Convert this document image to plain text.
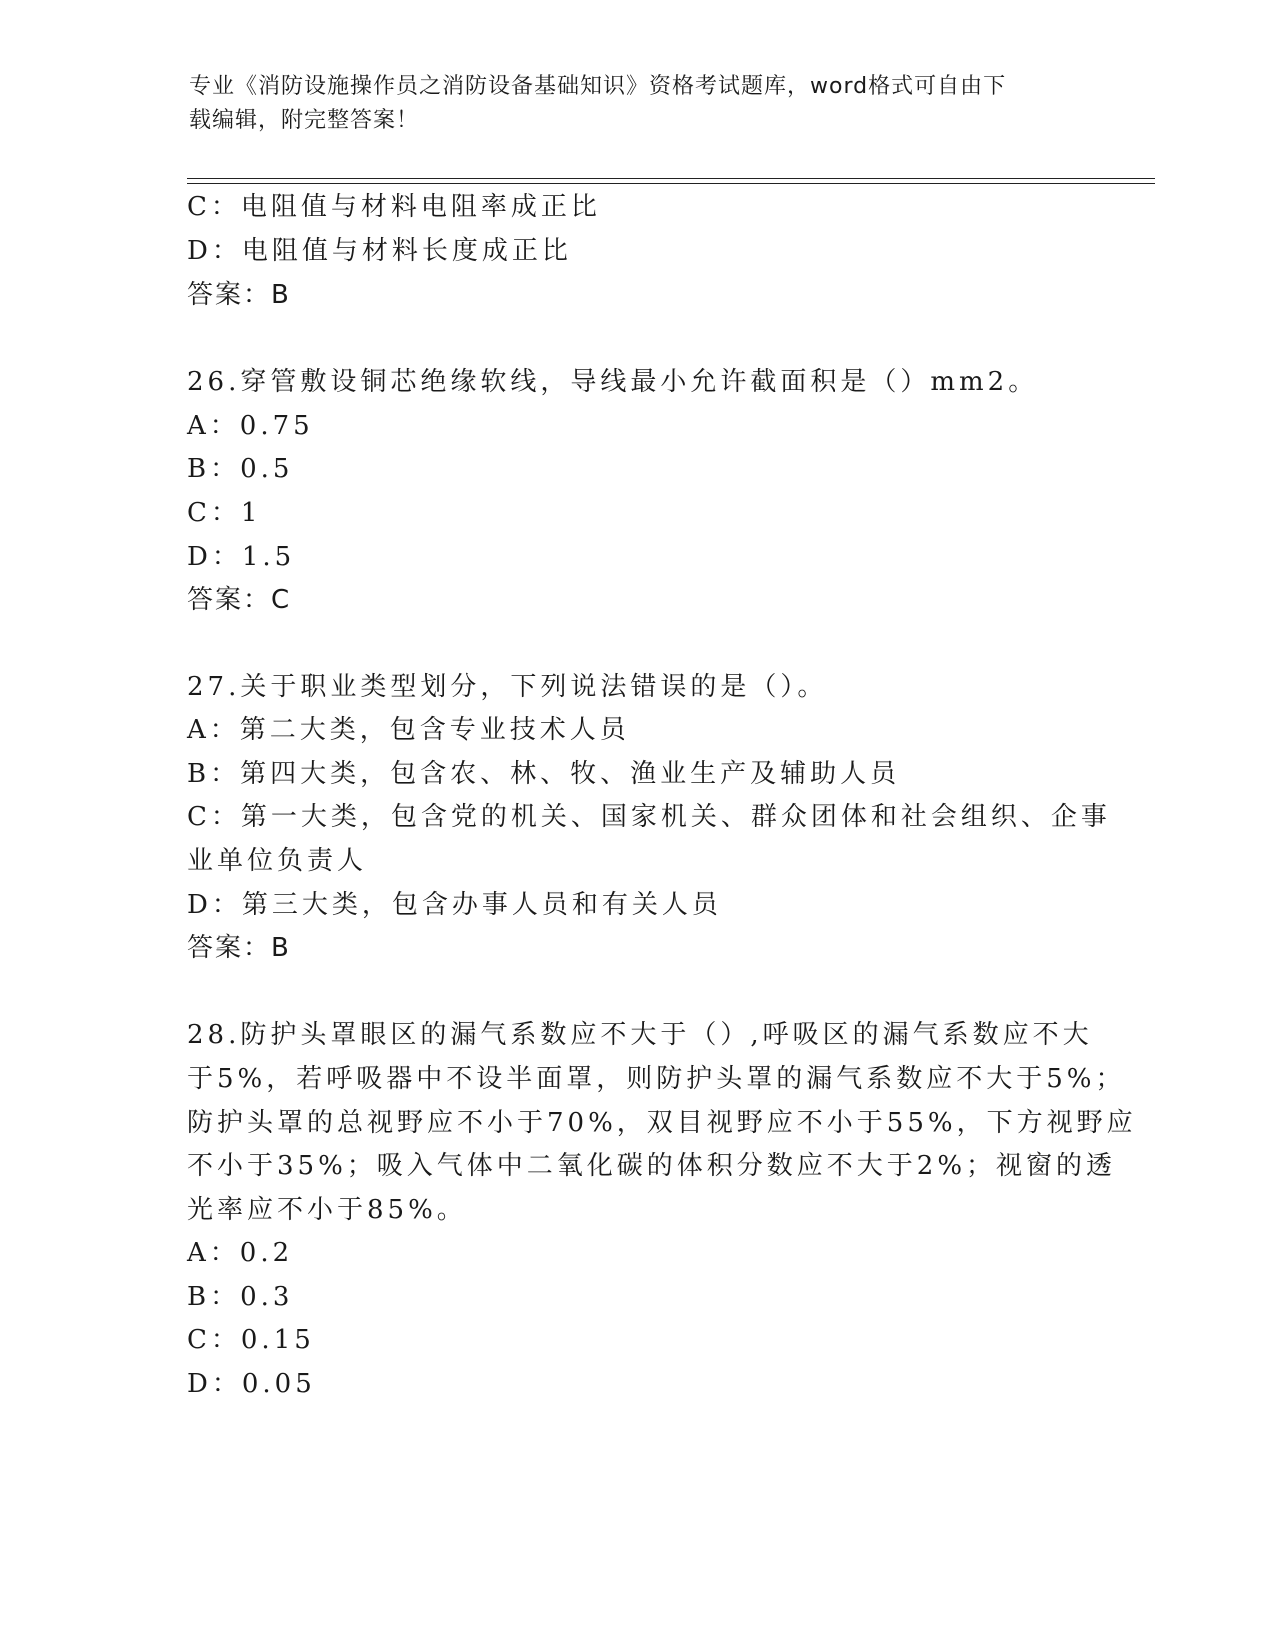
专业《消防设施操作员之消防设备基础知识》资格考试题库，word格式可自由下
载编辑，附完整答案！
C：电阻值与材料电阻率成正比
D：电阻值与材料长度成正比
答案：B
26.穿管敷设铜芯绝缘软线，导线最小允许截面积是（）mm2。
A：0.75
B：0.5
C：1
D：1.5
答案：C
27.关于职业类型划分，下列说法错误的是（）。
A：第二大类，包含专业技术人员
B：第四大类，包含农、林、牧、渔业生产及辅助人员
C：第一大类，包含党的机关、国家机关、群众团体和社会组织、企事
业单位负责人
D：第三大类，包含办事人员和有关人员
答案：B
28.防护头罩眼区的漏气系数应不大于（）,呼吸区的漏气系数应不大
于5%，若呼吸器中不设半面罩，则防护头罩的漏气系数应不大于5%；
防护头罩的总视野应不小于70%，双目视野应不小于55%，下方视野应
不小于35%；吸入气体中二氧化碳的体积分数应不大于2%；视窗的透
光率应不小于85%。
A：0.2
B：0.3
C：0.15
D：0.05
